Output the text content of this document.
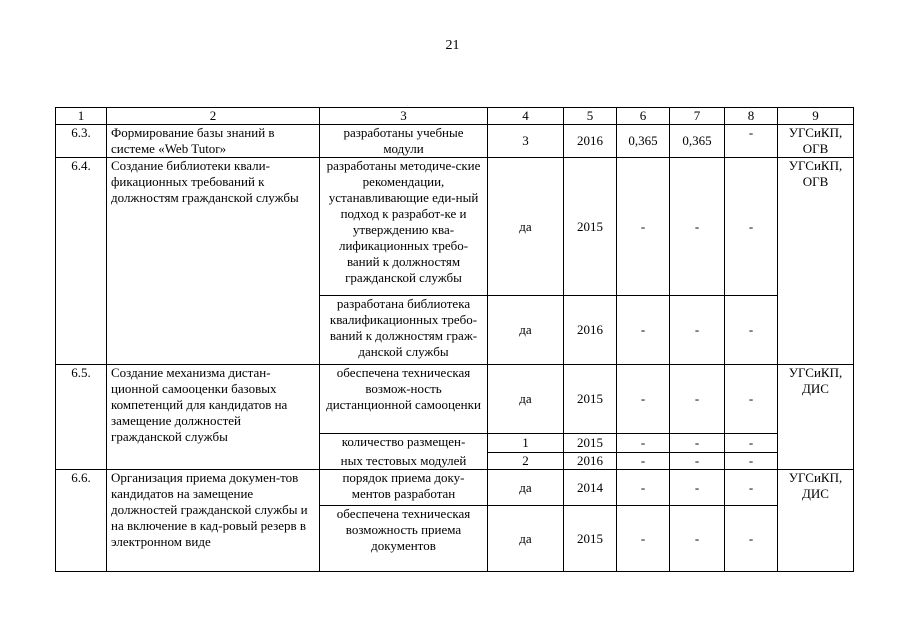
21
1	2	3	4	5	6	7	8	9
6.3.	Формирование базы знаний в системе «Web Tutor»	разработаны учебные модули	3	2016	0,365	0,365	-	УГСиКП, ОГВ
6.4.	Создание библиотеки квали-фикационных требований к должностям гражданской службы	разработаны методиче-ские рекомендации, устанавливающие еди-ный подход к разработ-ке и утверждению ква-лификационных требо-ваний к должностям гражданской службы	да	2015	-	-	-	УГСиКП, ОГВ
		разработана библиотека квалификационных требо-ваний к должностям граж-данской службы	да	2016	-	-	-	
6.5.	Создание механизма дистан-ционной самооценки базовых компетенций для кандидатов на замещение должностей гражданской службы	обеспечена техническая возмож-ность дистанционной самооценки	да	2015	-	-	-	УГСиКП, ДИС
		количество размещен-	1	2015	-	-	-	
		ных тестовых модулей	2	2016	-	-	-	
6.6.	Организация приема докумен-тов кандидатов на замещение должностей гражданской службы и на включение в кад-ровый резерв в электронном виде	порядок приема доку-ментов разработан	да	2014	-	-	-	УГСиКП, ДИС
		обеспечена техническая возможность приема документов	да	2015	-	-	-	
